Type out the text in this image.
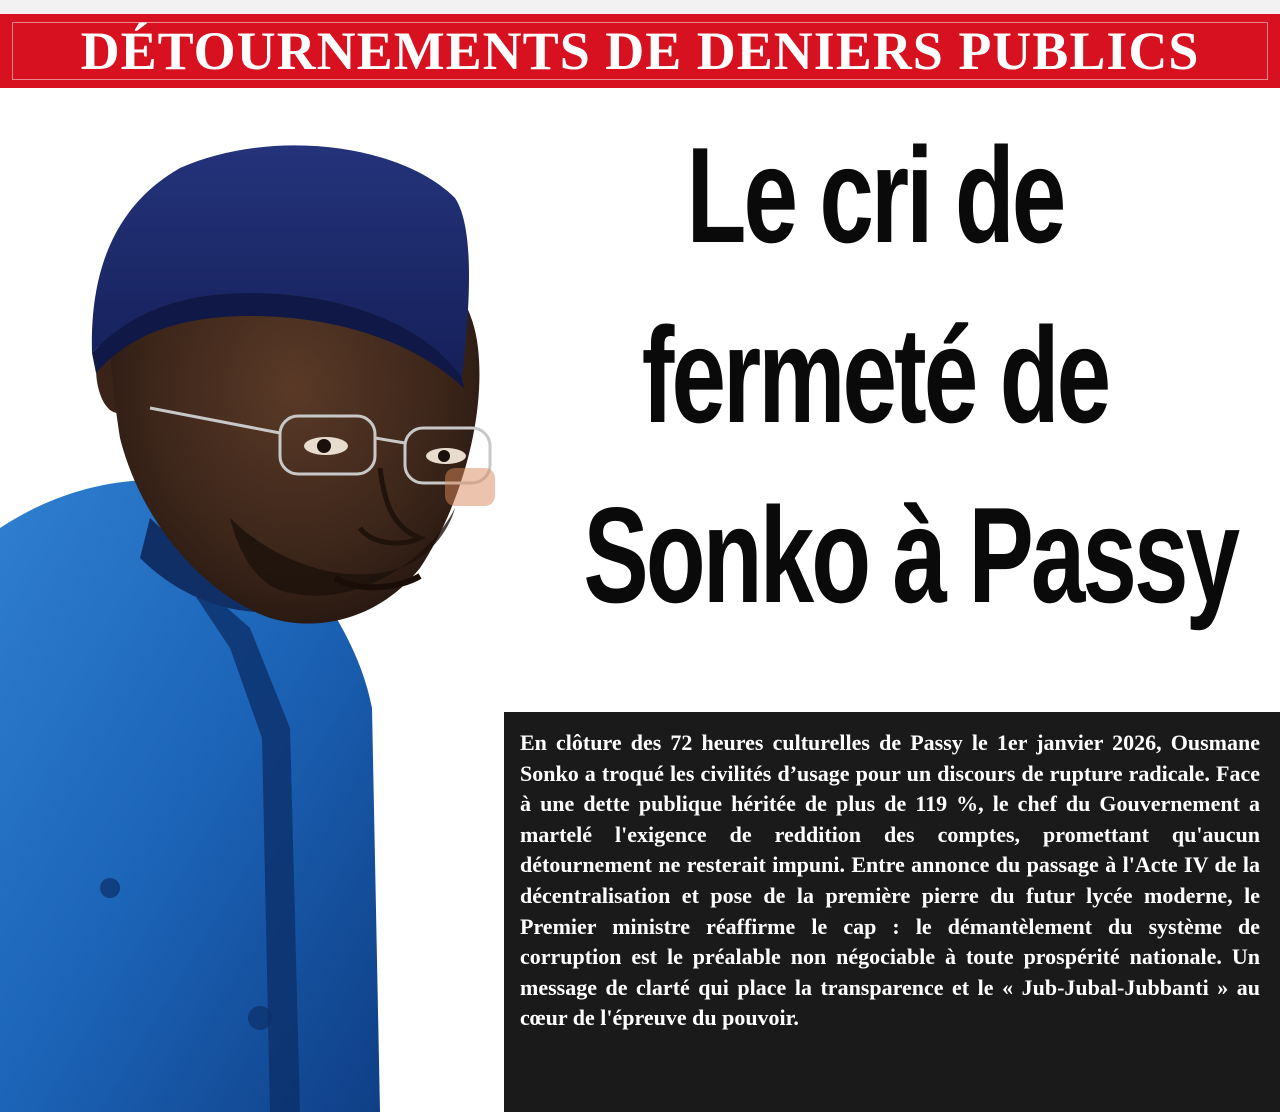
DÉTOURNEMENTS DE DENIERS PUBLICS
Le cri de
fermeté de
Sonko à Passy

En clôture des 72 heures culturelles de Passy le 1er janvier 2026, Ousmane Sonko a troqué les civilités d’usage pour un discours de rupture radicale. Face à une dette publique héritée de plus de 119 %, le chef du Gouvernement a martelé l'exigence de reddition des comptes, promettant qu'aucun détournement ne resterait impuni. Entre annonce du passage à l'Acte IV de la décentralisation et pose de la première pierre du futur lycée moderne, le Premier ministre réaffirme le cap : le démantèlement du système de corruption est le préalable non négociable à toute prospérité nationale. Un message de clarté qui place la transparence et le « Jub-Jubal-Jubbanti » au cœur de l'épreuve du pouvoir.
